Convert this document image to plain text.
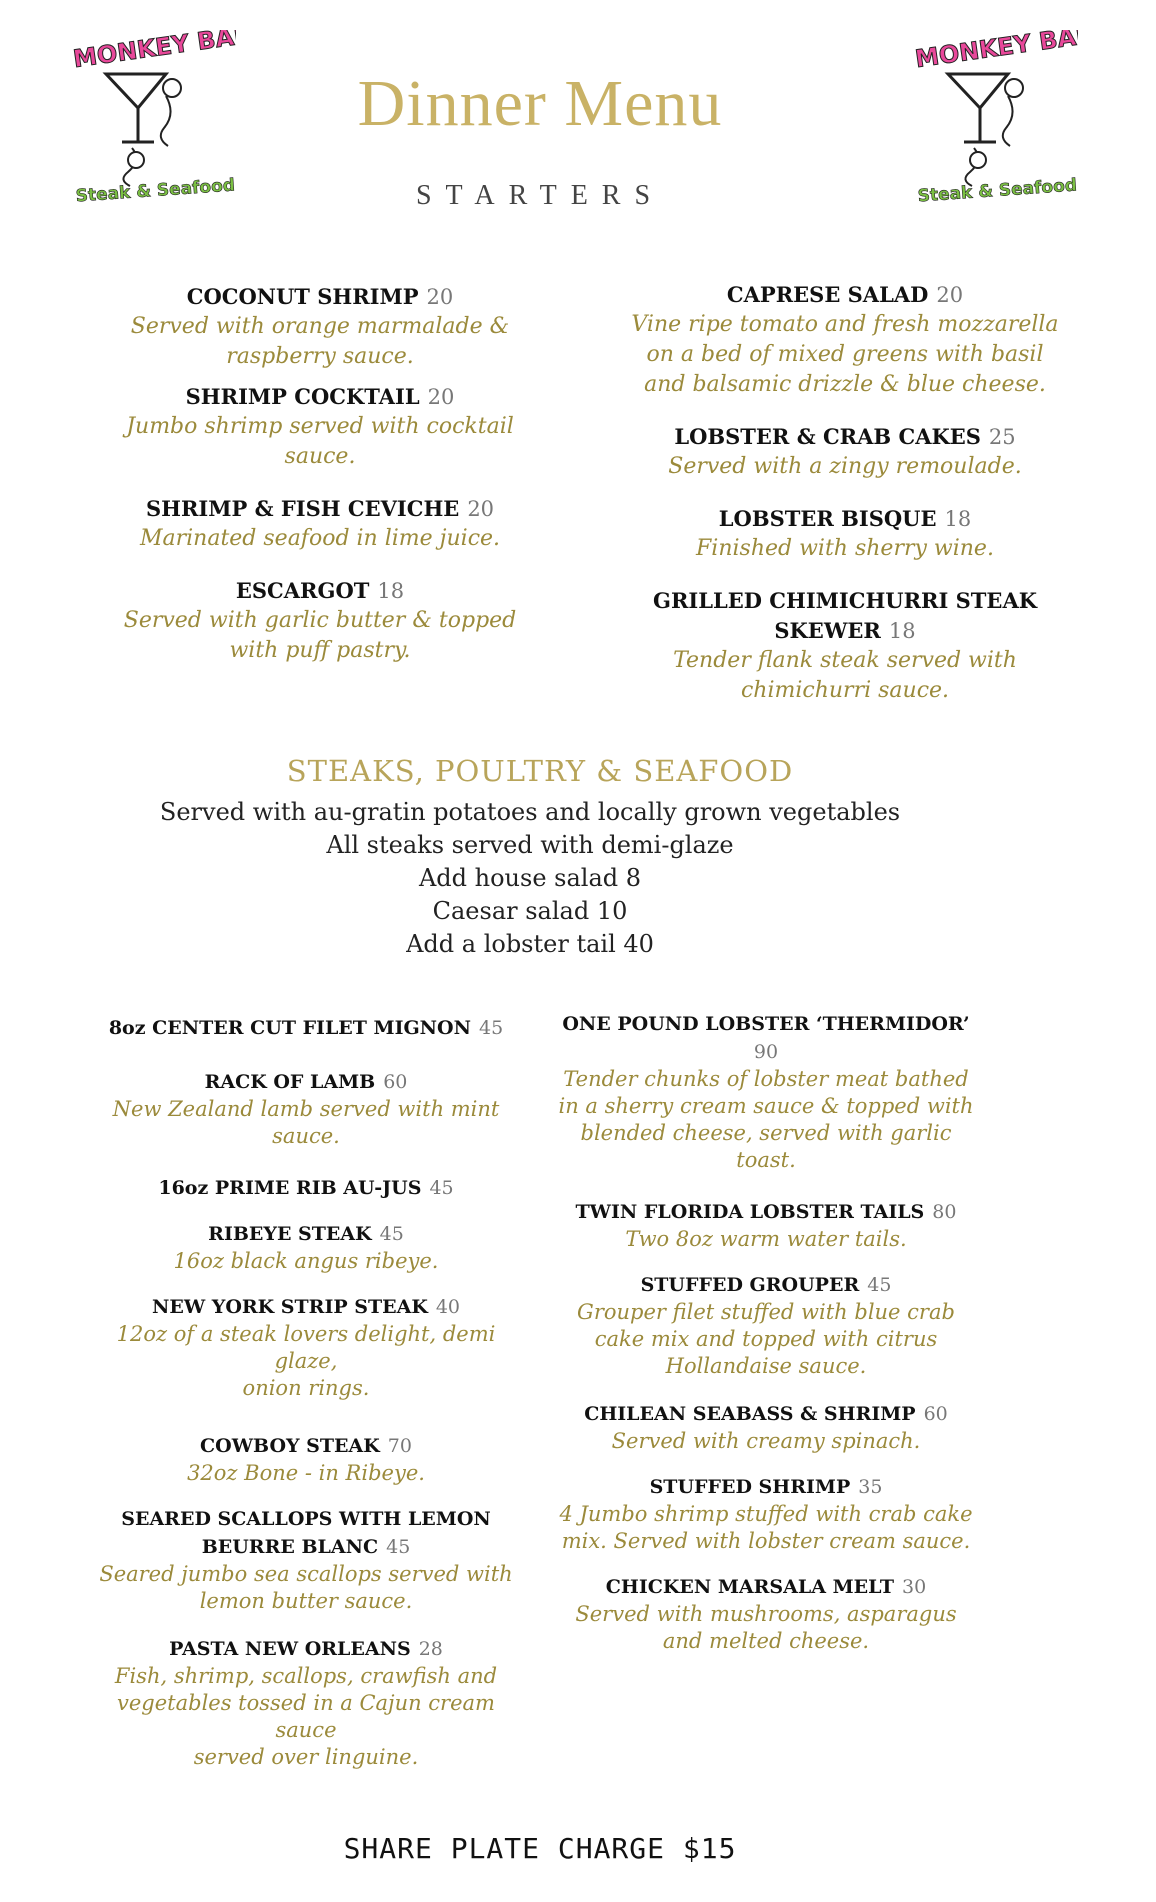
MONKEY BAR
Steak & Seafood
MONKEY BAR
Steak & Seafood
Dinner Menu
STARTERS
COCONUT SHRIMP 20
Served with orange marmalade &
raspberry sauce.
SHRIMP COCKTAIL 20
Jumbo shrimp served with cocktail
sauce.
SHRIMP & FISH CEVICHE 20
Marinated seafood in lime juice.
ESCARGOT 18
Served with garlic butter & topped
with puff pastry.
CAPRESE SALAD 20
Vine ripe tomato and fresh mozzarella
on a bed of mixed greens with basil
and balsamic drizzle & blue cheese.
LOBSTER & CRAB CAKES 25
Served with a zingy remoulade.
LOBSTER BISQUE 18
Finished with sherry wine.
GRILLED CHIMICHURRI STEAK
SKEWER 18
Tender flank steak served with
chimichurri sauce.
STEAKS, POULTRY & SEAFOOD
Served with au-gratin potatoes and locally grown vegetables
All steaks served with demi-glaze
Add house salad 8
Caesar salad 10
Add a lobster tail 40
8oz CENTER CUT FILET MIGNON 45
RACK OF LAMB 60
New Zealand lamb served with mint
sauce.
16oz PRIME RIB AU-JUS 45
RIBEYE STEAK 45
16oz black angus ribeye.
NEW YORK STRIP STEAK 40
12oz of a steak lovers delight, demi glaze,
onion rings.
COWBOY STEAK 70
32oz Bone - in Ribeye.
SEARED SCALLOPS WITH LEMON
BEURRE BLANC 45
Seared jumbo sea scallops served with
lemon butter sauce.
PASTA NEW ORLEANS 28
Fish, shrimp, scallops, crawfish and
vegetables tossed in a Cajun cream sauce
served over linguine.
ONE POUND LOBSTER ‘THERMIDOR’
90
Tender chunks of lobster meat bathed
in a sherry cream sauce & topped with
blended cheese, served with garlic
toast.
TWIN FLORIDA LOBSTER TAILS 80
Two 8oz warm water tails.
STUFFED GROUPER 45
Grouper filet stuffed with blue crab
cake mix and topped with citrus
Hollandaise sauce.
CHILEAN SEABASS & SHRIMP 60
Served with creamy spinach.
STUFFED SHRIMP 35
4 Jumbo shrimp stuffed with crab cake
mix. Served with lobster cream sauce.
CHICKEN MARSALA MELT 30
Served with mushrooms, asparagus
and melted cheese.
SHARE PLATE CHARGE $15
